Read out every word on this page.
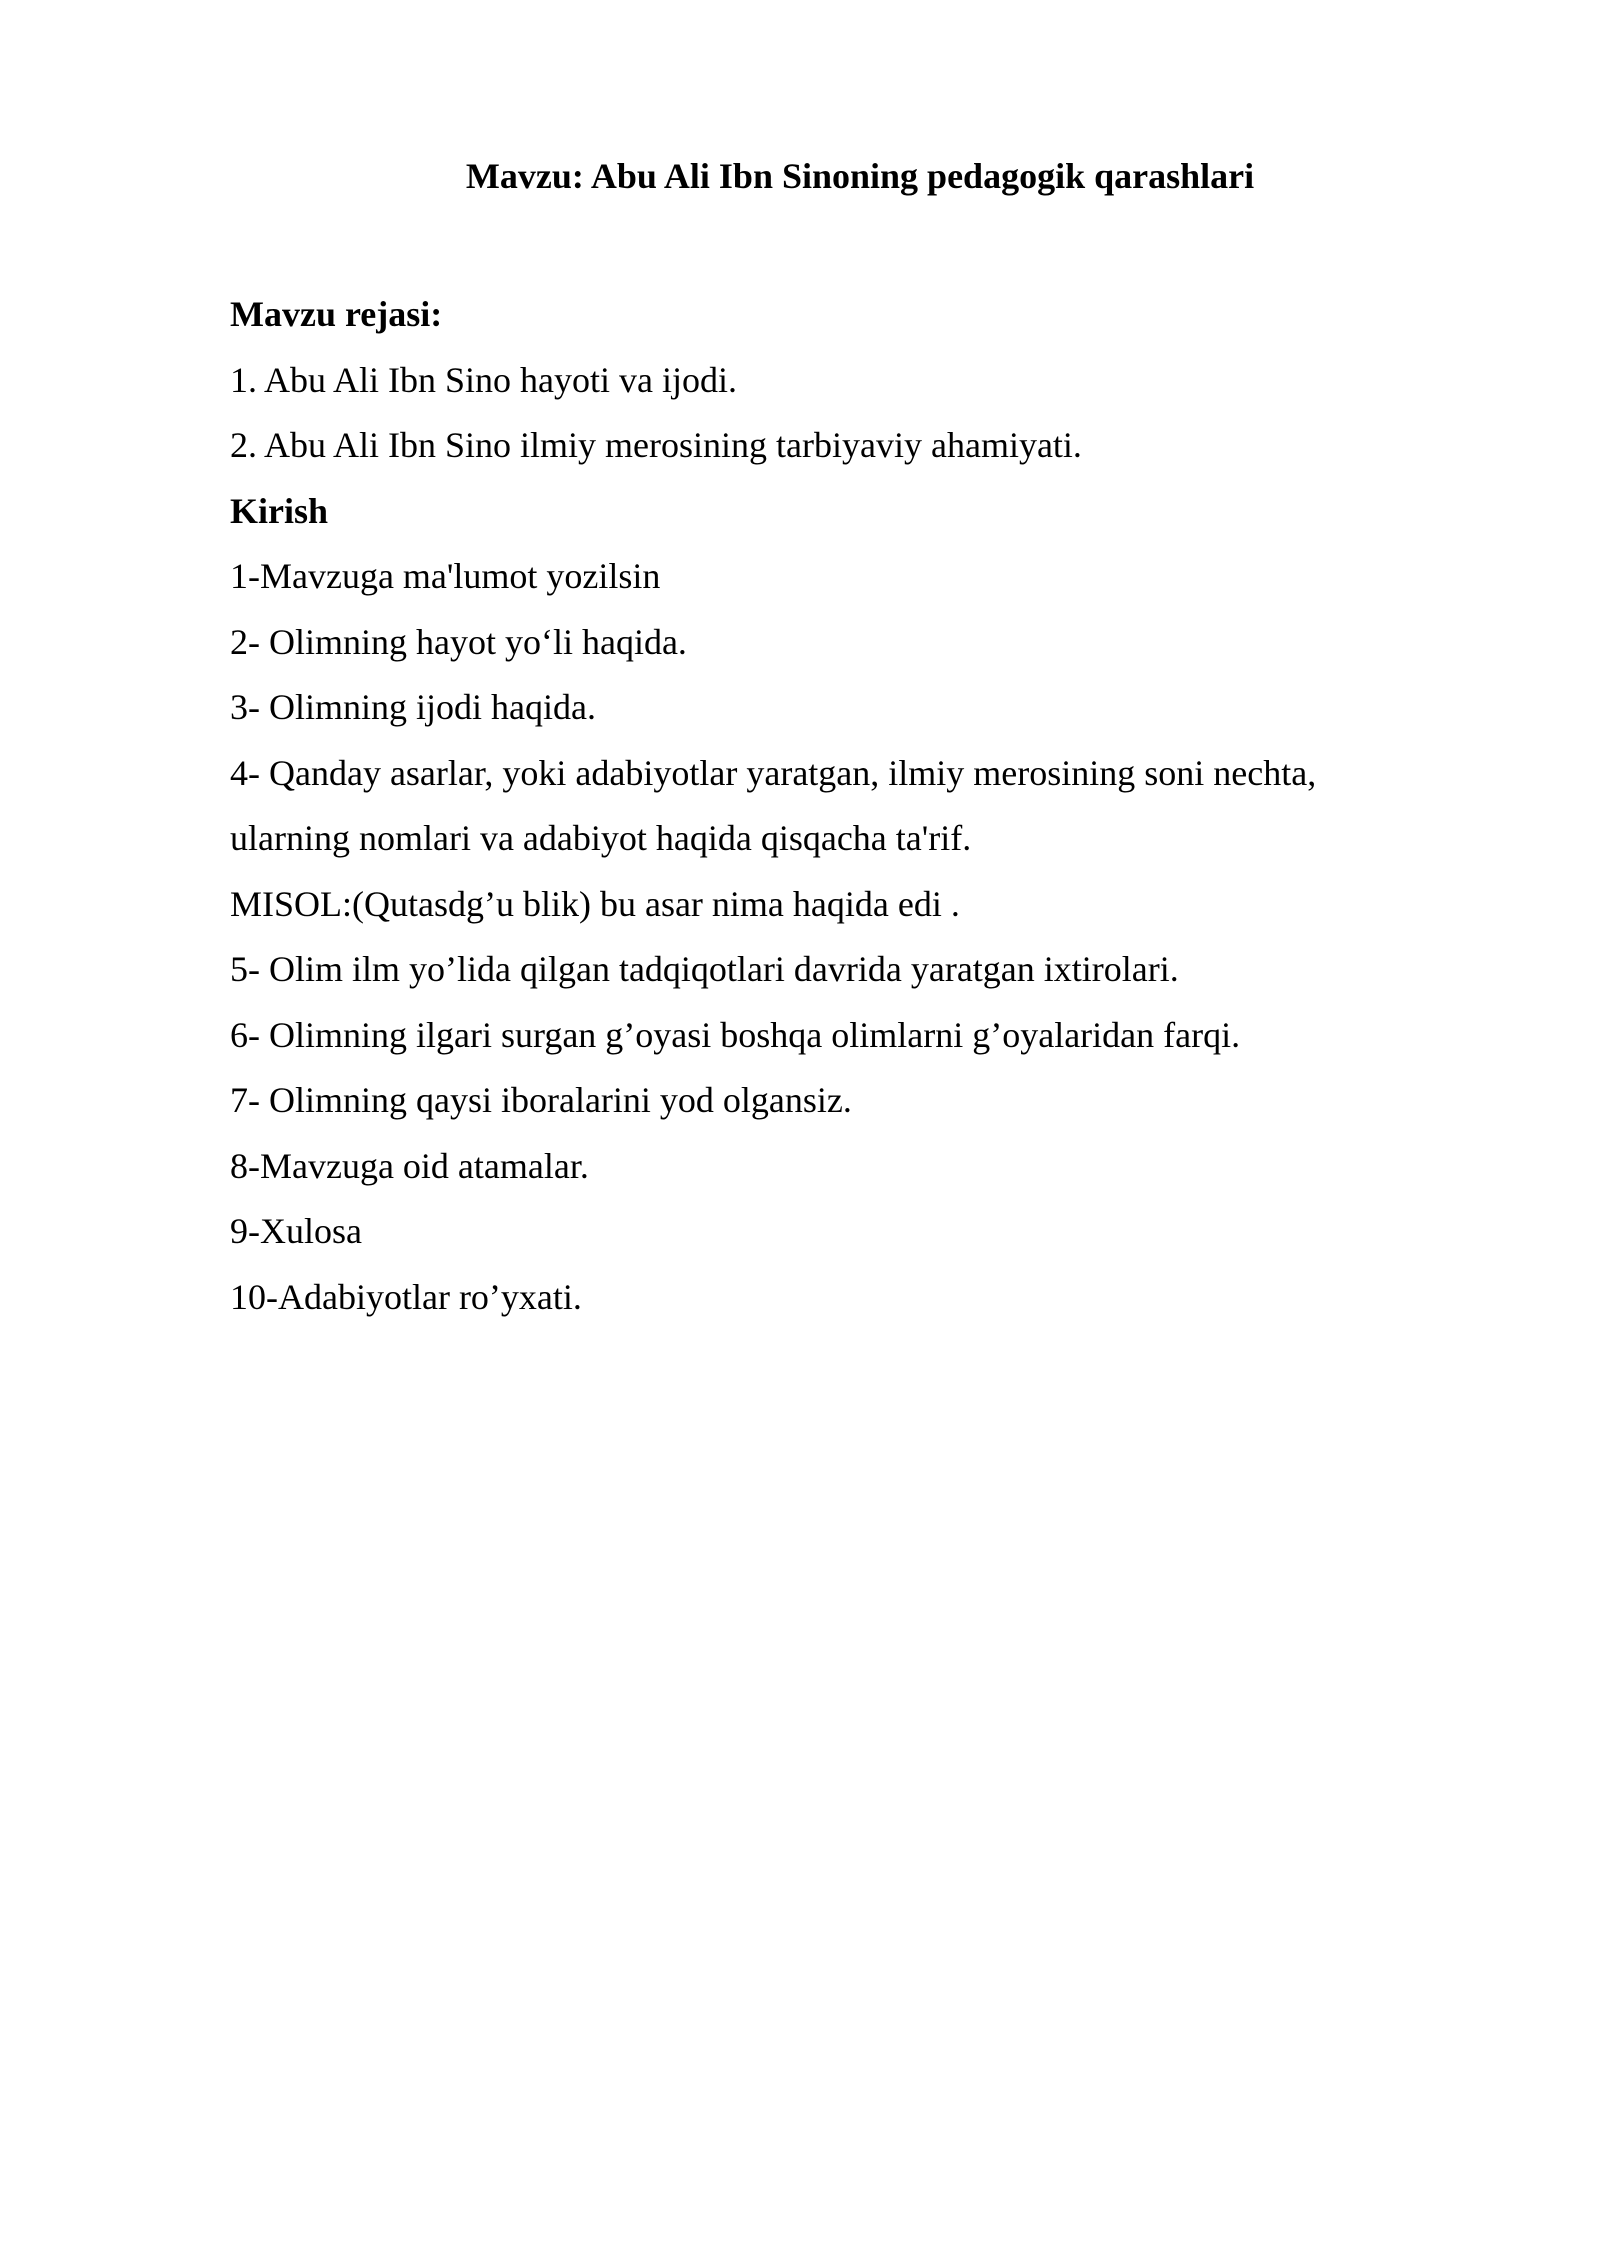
Mavzu: Abu Ali Ibn Sinoning pedagogik qarashlari
Mavzu rejasi:
1. Abu Ali Ibn Sino hayoti va ijodi.
2. Abu Ali Ibn Sino ilmiy merosining tarbiyaviy ahamiyati.
Kirish
1-Mavzuga ma'lumot yozilsin
2- Olimning hayot yo‘li haqida.
3- Olimning ijodi haqida.
4- Qanday asarlar, yoki adabiyotlar yaratgan, ilmiy merosining soni nechta,
ularning nomlari va adabiyot haqida qisqacha ta'rif.
MISOL:(Qutasdg’u blik) bu asar nima haqida edi .
5- Olim ilm yo’lida qilgan tadqiqotlari davrida yaratgan ixtirolari.
6- Olimning ilgari surgan g’oyasi boshqa olimlarni g’oyalaridan farqi.
7- Olimning qaysi iboralarini yod olgansiz.
8-Mavzuga oid atamalar.
9-Xulosa
10-Adabiyotlar ro’yxati.
